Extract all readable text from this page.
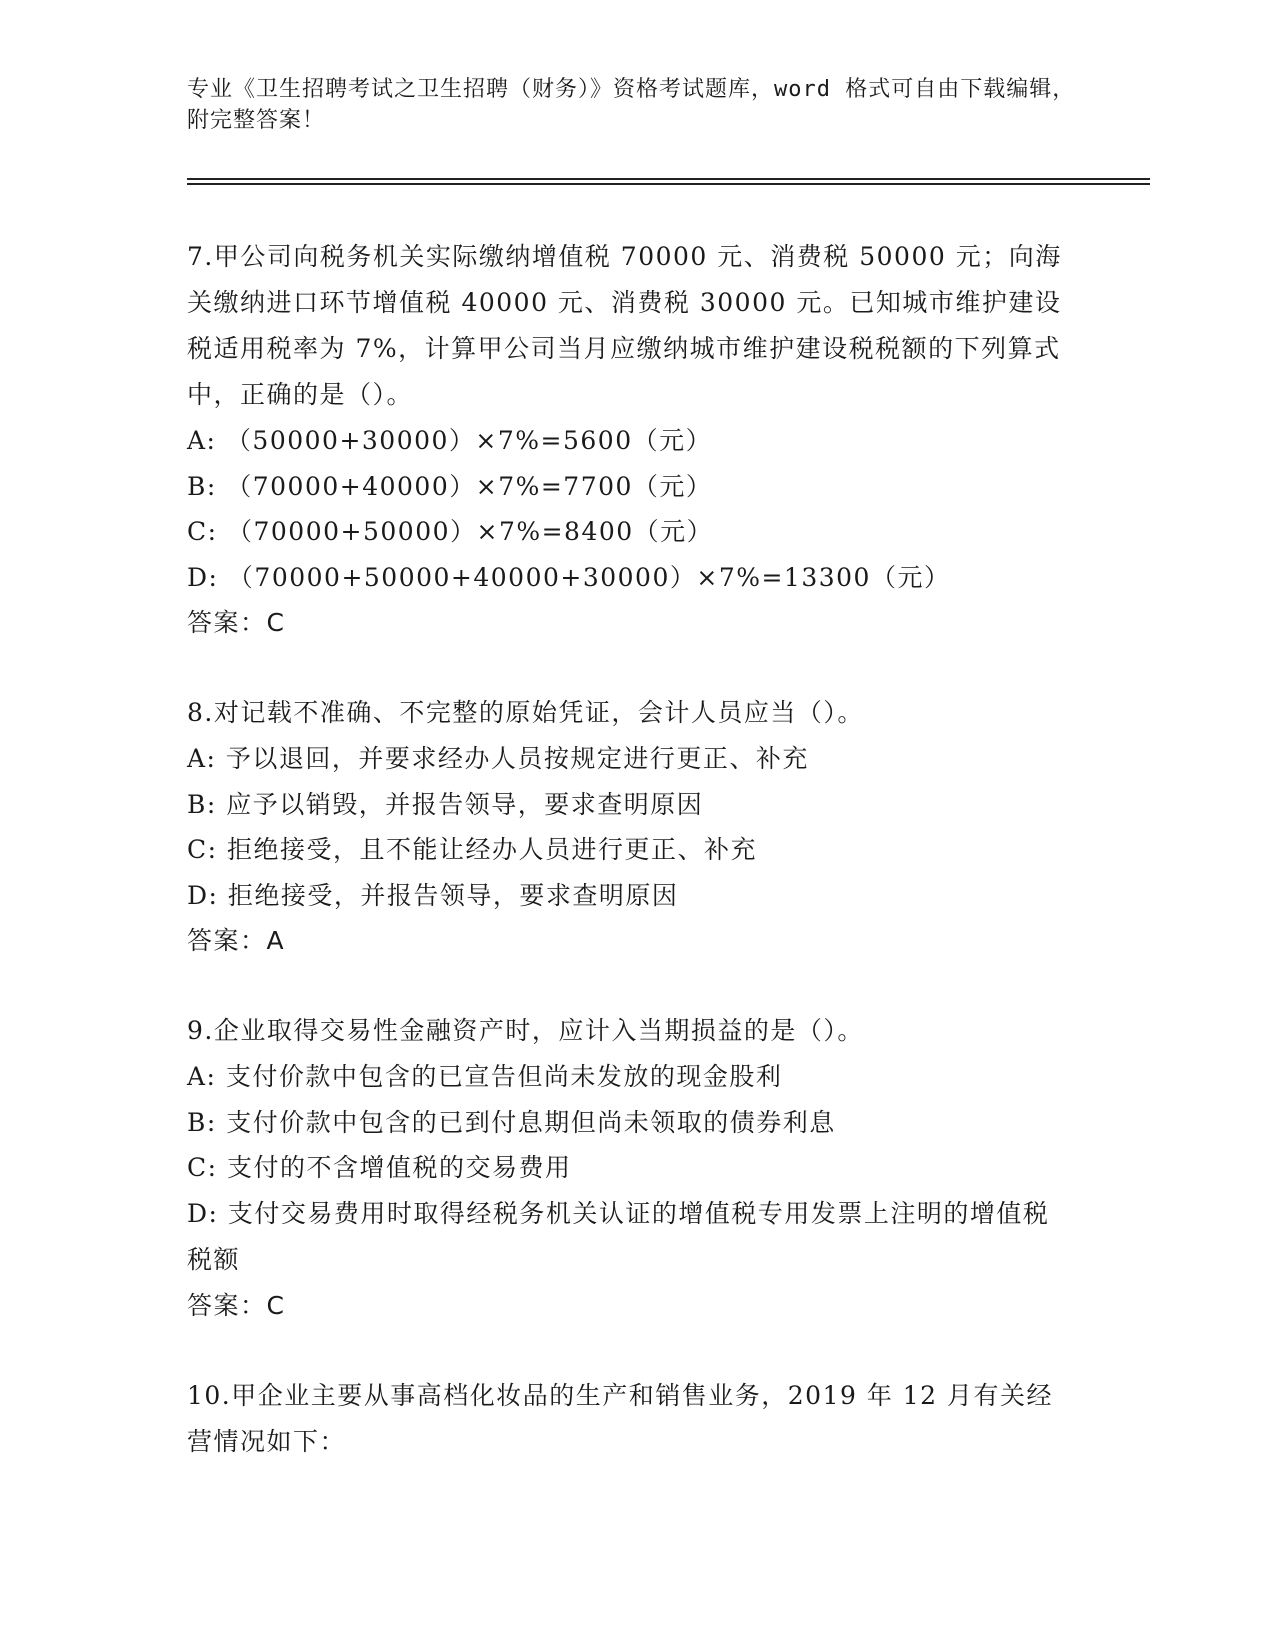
专业《卫生招聘考试之卫生招聘（财务）》资格考试题库，word 格式可自由下载编辑，附完整答案！

7.甲公司向税务机关实际缴纳增值税 70000 元、消费税 50000 元；向海关缴纳进口环节增值税 40000 元、消费税 30000 元。已知城市维护建设税适用税率为 7%，计算甲公司当月应缴纳城市维护建设税税额的下列算式中，正确的是（）。

A: （50000+30000）×7%=5600（元）

B: （70000+40000）×7%=7700（元）

C: （70000+50000）×7%=8400（元）

D: （70000+50000+40000+30000）×7%=13300（元）

答案：C

8.对记载不准确、不完整的原始凭证，会计人员应当（）。

A: 予以退回，并要求经办人员按规定进行更正、补充

B: 应予以销毁，并报告领导，要求查明原因

C: 拒绝接受，且不能让经办人员进行更正、补充

D: 拒绝接受，并报告领导，要求查明原因

答案：A

9.企业取得交易性金融资产时，应计入当期损益的是（）。

A: 支付价款中包含的已宣告但尚未发放的现金股利

B: 支付价款中包含的已到付息期但尚未领取的债券利息

C: 支付的不含增值税的交易费用

D: 支付交易费用时取得经税务机关认证的增值税专用发票上注明的增值税税额

答案：C

10.甲企业主要从事高档化妆品的生产和销售业务，2019 年 12 月有关经营情况如下：
